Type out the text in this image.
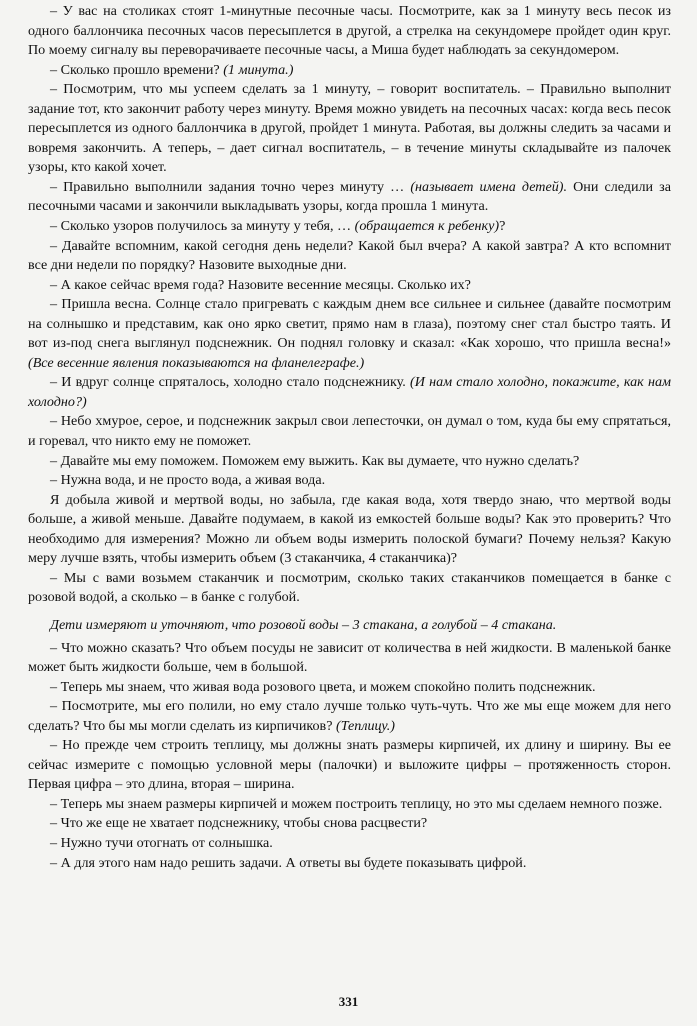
– У вас на столиках стоят 1-минутные песочные часы. Посмотрите, как за 1 минуту весь песок из одного баллончика песочных часов пересыплется в другой, а стрелка на секундомере пройдет один круг. По моему сигналу вы переворачиваете песочные часы, а Миша будет наблюдать за секундомером.

– Сколько прошло времени? (1 минута.)

– Посмотрим, что мы успеем сделать за 1 минуту, – говорит воспитатель. – Правильно выполнит задание тот, кто закончит работу через минуту. Время можно увидеть на песочных часах: когда весь песок пересыплется из одного баллончика в другой, пройдет 1 минута. Работая, вы должны следить за часами и вовремя закончить. А теперь, – дает сигнал воспитатель, – в течение минуты складывайте из палочек узоры, кто какой хочет.

– Правильно выполнили задания точно через минуту … (называет имена детей). Они следили за песочными часами и закончили выкладывать узоры, когда прошла 1 минута.

– Сколько узоров получилось за минуту у тебя, … (обращается к ребенку)?

– Давайте вспомним, какой сегодня день недели? Какой был вчера? А какой завтра? А кто вспомнит все дни недели по порядку? Назовите выходные дни.

– А какое сейчас время года? Назовите весенние месяцы. Сколько их?

– Пришла весна. Солнце стало пригревать с каждым днем все сильнее и сильнее (давайте посмотрим на солнышко и представим, как оно ярко светит, прямо нам в глаза), поэтому снег стал быстро таять. И вот из-под снега выглянул подснежник. Он поднял головку и сказал: «Как хорошо, что пришла весна!» (Все весенние явления показываются на фланелеграфе.)

– И вдруг солнце спряталось, холодно стало подснежнику. (И нам стало холодно, покажите, как нам холодно?)

– Небо хмурое, серое, и подснежник закрыл свои лепесточки, он думал о том, куда бы ему спрятаться, и горевал, что никто ему не поможет.

– Давайте мы ему поможем. Поможем ему выжить. Как вы думаете, что нужно сделать?

– Нужна вода, и не просто вода, а живая вода.

Я добыла живой и мертвой воды, но забыла, где какая вода, хотя твердо знаю, что мертвой воды больше, а живой меньше. Давайте подумаем, в какой из емкостей больше воды? Как это проверить? Что необходимо для измерения? Можно ли объем воды измерить полоской бумаги? Почему нельзя? Какую меру лучше взять, чтобы измерить объем (3 стаканчика, 4 стаканчика)?

– Мы с вами возьмем стаканчик и посмотрим, сколько таких стаканчиков помещается в банке с розовой водой, а сколько – в банке с голубой.

Дети измеряют и уточняют, что розовой воды – 3 стакана, а голубой – 4 стакана.

– Что можно сказать? Что объем посуды не зависит от количества в ней жидкости. В маленькой банке может быть жидкости больше, чем в большой.

– Теперь мы знаем, что живая вода розового цвета, и можем спокойно полить подснежник.

– Посмотрите, мы его полили, но ему стало лучше только чуть-чуть. Что же мы еще можем для него сделать? Что бы мы могли сделать из кирпичиков? (Теплицу.)

– Но прежде чем строить теплицу, мы должны знать размеры кирпичей, их длину и ширину. Вы ее сейчас измерите с помощью условной меры (палочки) и выложите цифры – протяженность сторон. Первая цифра – это длина, вторая – ширина.

– Теперь мы знаем размеры кирпичей и можем построить теплицу, но это мы сделаем немного позже.

– Что же еще не хватает подснежнику, чтобы снова расцвести?

– Нужно тучи отогнать от солнышка.

– А для этого нам надо решить задачи. А ответы вы будете показывать цифрой.

331
